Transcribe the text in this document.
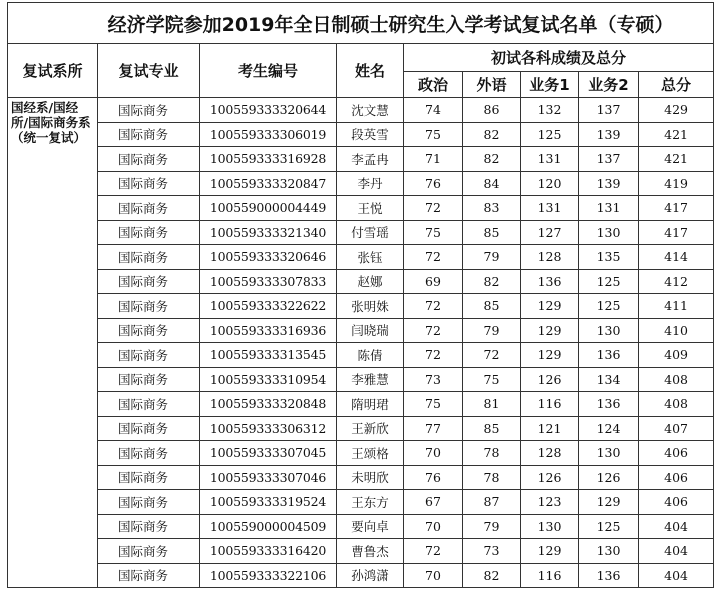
经济学院参加2019年全日制硕士研究生入学考试复试名单（专硕）								
复试系所	复试专业	考生编号	姓名	初试各科成绩及总分				
				政治	外语	业务1	业务2	总分
国经系/国经所/国际商务系（统一复试）	国际商务	100559333320644	沈文慧	74	86	132	137	429
	国际商务	100559333306019	段英雪	75	82	125	139	421
	国际商务	100559333316928	李孟冉	71	82	131	137	421
	国际商务	100559333320847	李丹	76	84	120	139	419
	国际商务	100559000004449	王悦	72	83	131	131	417
	国际商务	100559333321340	付雪瑶	75	85	127	130	417
	国际商务	100559333320646	张钰	72	79	128	135	414
	国际商务	100559333307833	赵娜	69	82	136	125	412
	国际商务	100559333322622	张明姝	72	85	129	125	411
	国际商务	100559333316936	闫晓瑞	72	79	129	130	410
	国际商务	100559333313545	陈倩	72	72	129	136	409
	国际商务	100559333310954	李雅慧	73	75	126	134	408
	国际商务	100559333320848	隋明珺	75	81	116	136	408
	国际商务	100559333306312	王新欣	77	85	121	124	407
	国际商务	100559333307045	王颂格	70	78	128	130	406
	国际商务	100559333307046	未明欣	76	78	126	126	406
	国际商务	100559333319524	王东方	67	87	123	129	406
	国际商务	100559000004509	要向卓	70	79	130	125	404
	国际商务	100559333316420	曹鲁杰	72	73	129	130	404
	国际商务	100559333322106	孙鸿潇	70	82	116	136	404
